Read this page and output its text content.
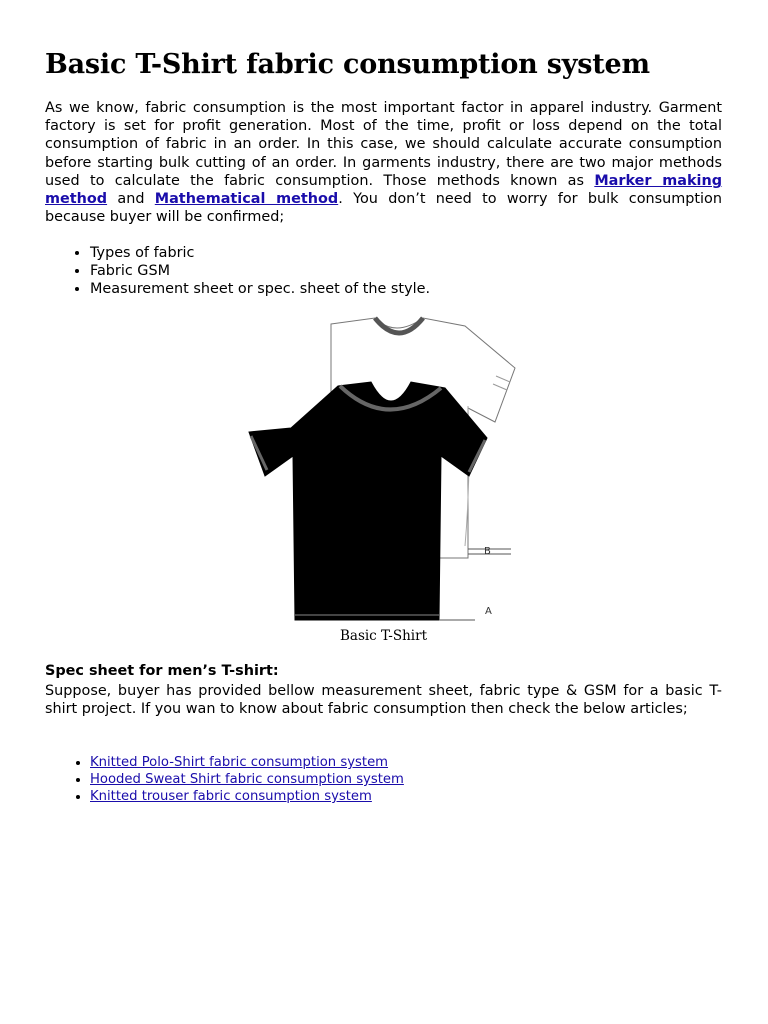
Basic T-Shirt fabric consumption system

As we know, fabric consumption is the most important factor in apparel industry. Garment factory is set for profit generation. Most of the time, profit or loss depend on the total consumption of fabric in an order. In this case, we should calculate accurate consumption before starting bulk cutting of an order. In garments industry, there are two major methods used to calculate the fabric consumption. Those methods known as Marker making method and Mathematical method. You don’t need to worry for bulk consumption because buyer will be confirmed;

• Types of fabric
• Fabric GSM
• Measurement sheet or spec. sheet of the style.
A
B
Basic T-Shirt

Spec sheet for men’s T-shirt:

Suppose, buyer has provided bellow measurement sheet, fabric type & GSM for a basic T-shirt project. If you wan to know about fabric consumption then check the below articles;

• Knitted Polo-Shirt fabric consumption system
• Hooded Sweat Shirt fabric consumption system
• Knitted trouser fabric consumption system
